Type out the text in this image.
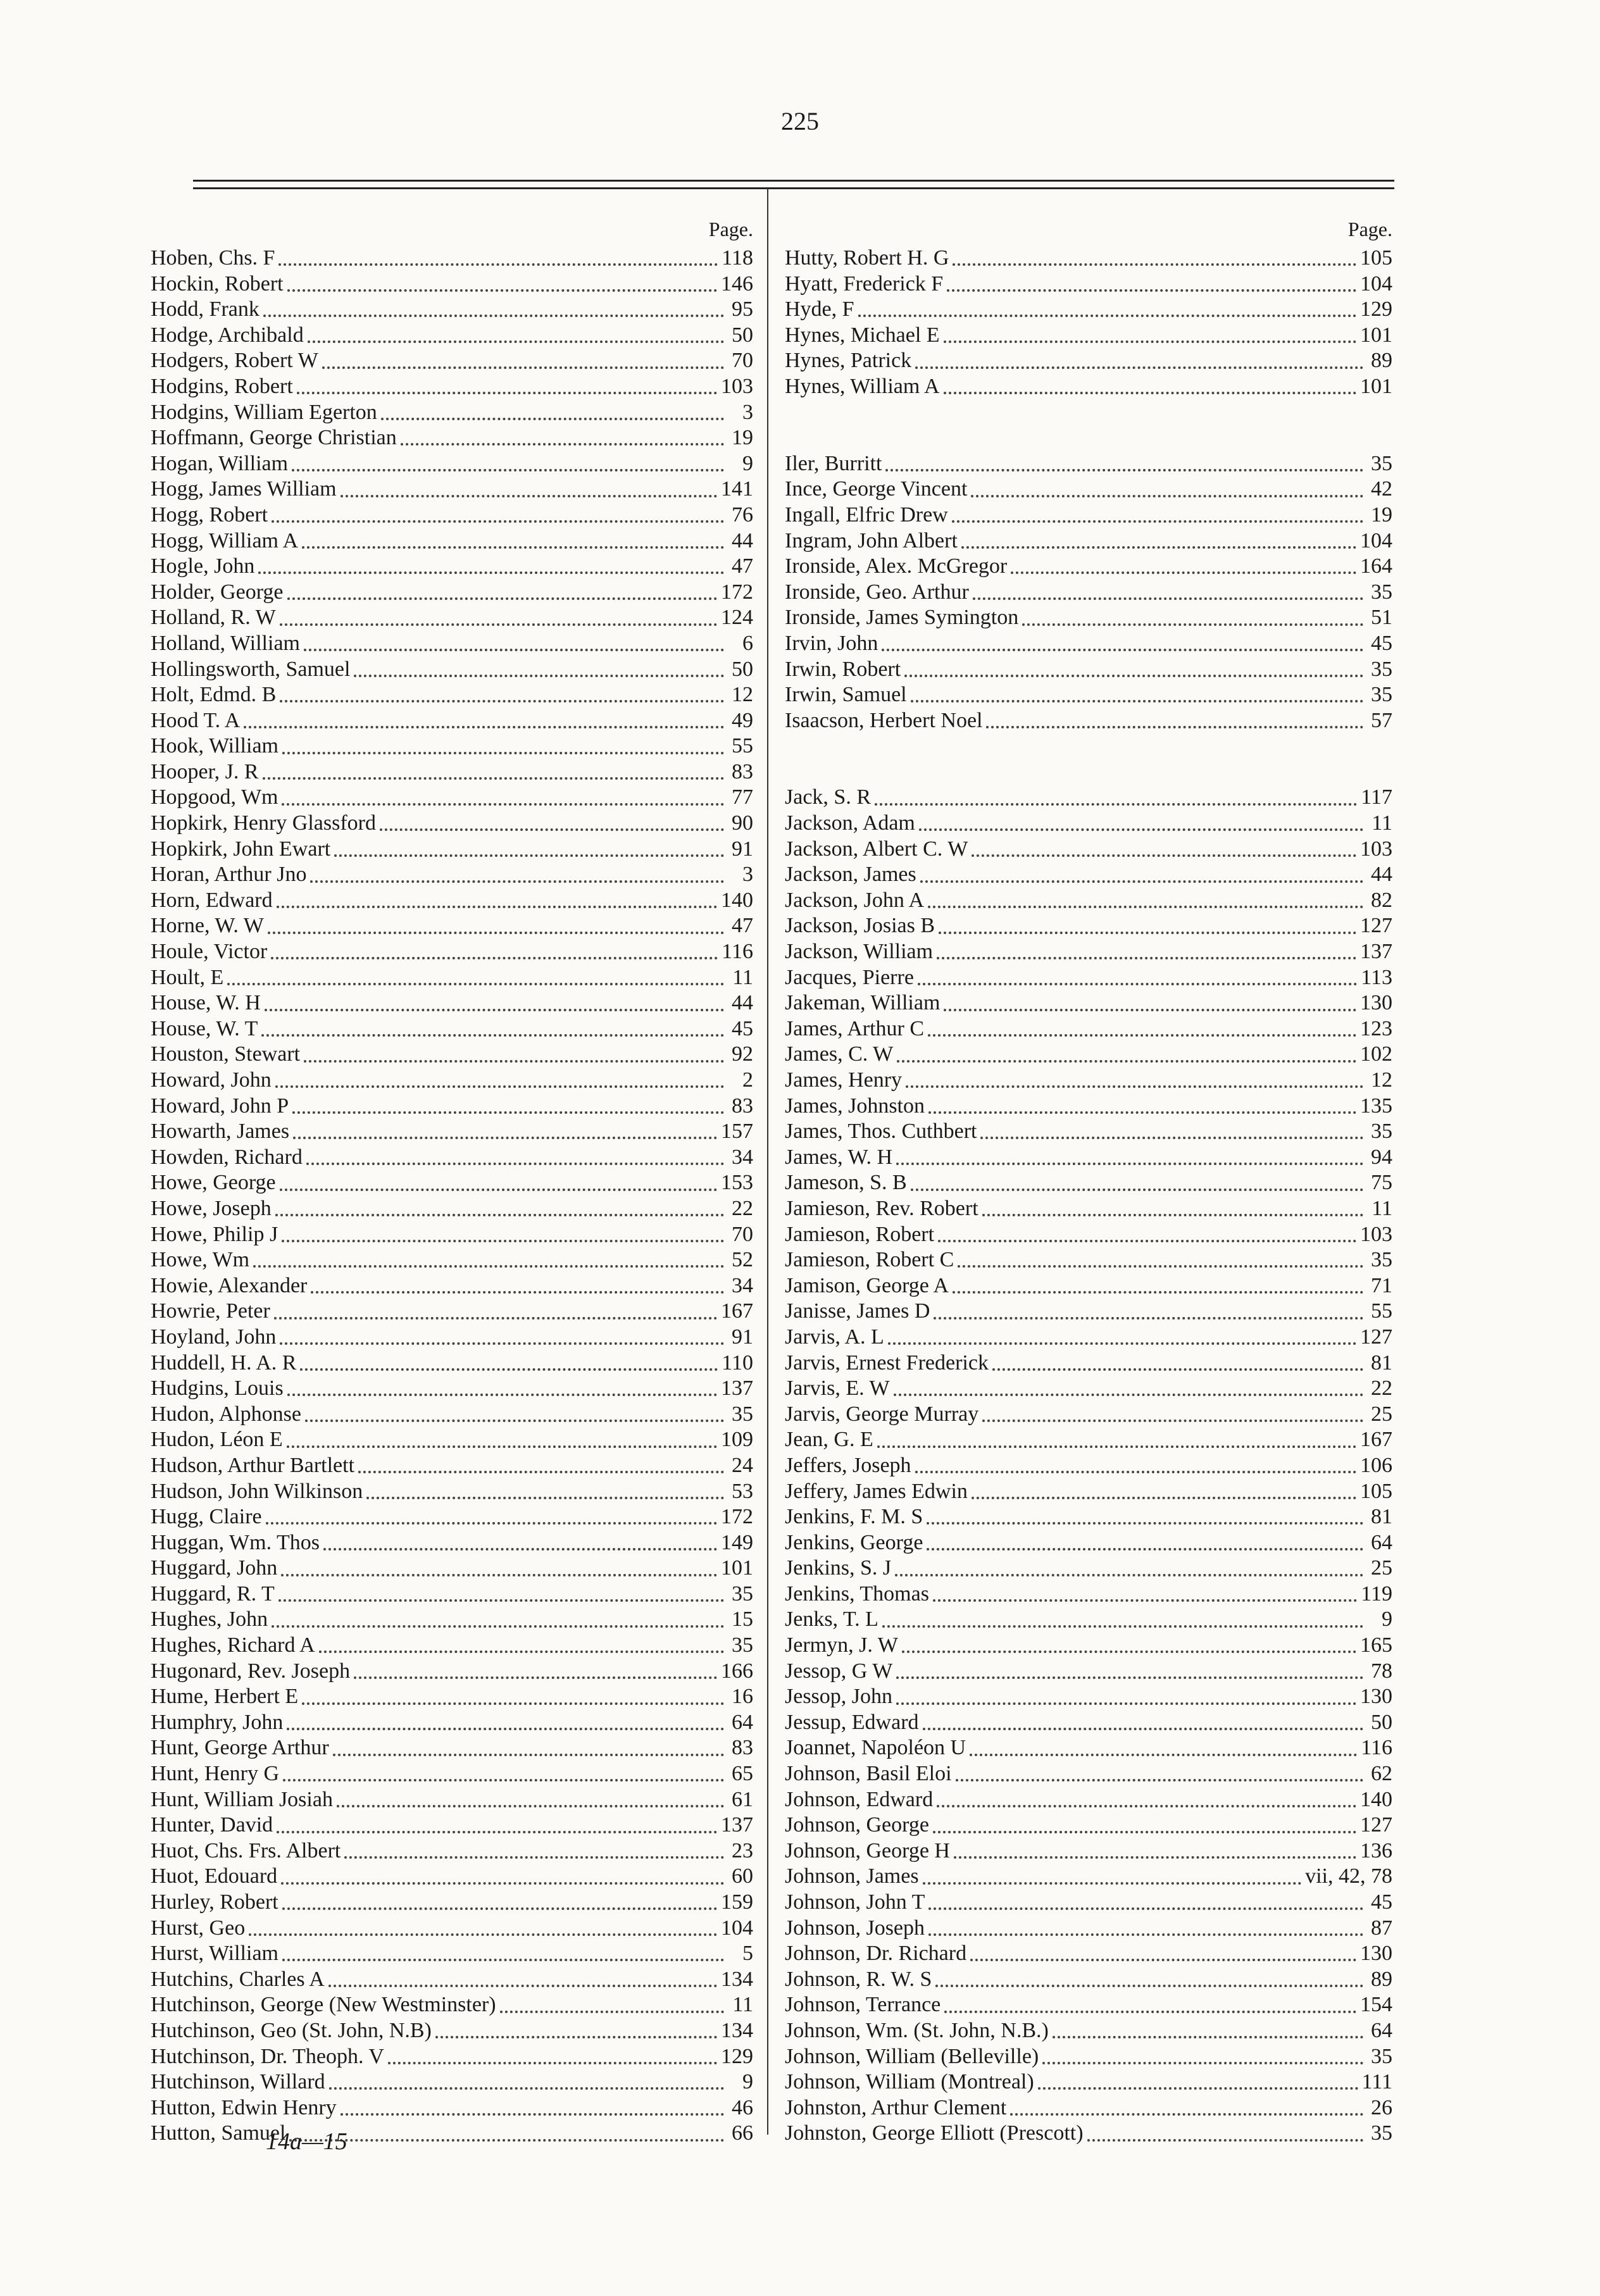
225
Page.
Hoben, Chs. F	118
Hockin, Robert	146
Hodd, Frank	95
Hodge, Archibald	50
Hodgers, Robert W	70
Hodgins, Robert	103
Hodgins, William Egerton	3
Hoffmann, George Christian	19
Hogan, William	9
Hogg, James William	141
Hogg, Robert	76
Hogg, William A	44
Hogle, John	47
Holder, George	172
Holland, R. W	124
Holland, William	6
Hollingsworth, Samuel	50
Holt, Edmd. B	12
Hood T. A	49
Hook, William	55
Hooper, J. R	83
Hopgood, Wm	77
Hopkirk, Henry Glassford	90
Hopkirk, John Ewart	91
Horan, Arthur Jno	3
Horn, Edward	140
Horne, W. W	47
Houle, Victor	116
Hoult, E	11
House, W. H	44
House, W. T	45
Houston, Stewart	92
Howard, John	2
Howard, John P	83
Howarth, James	157
Howden, Richard	34
Howe, George	153
Howe, Joseph	22
Howe, Philip J	70
Howe, Wm	52
Howie, Alexander	34
Howrie, Peter	167
Hoyland, John	91
Huddell, H. A. R	110
Hudgins, Louis	137
Hudon, Alphonse	35
Hudon, Léon E	109
Hudson, Arthur Bartlett	24
Hudson, John Wilkinson	53
Hugg, Claire	172
Huggan, Wm. Thos	149
Huggard, John	101
Huggard, R. T	35
Hughes, John	15
Hughes, Richard A	35
Hugonard, Rev. Joseph	166
Hume, Herbert E	16
Humphry, John	64
Hunt, George Arthur	83
Hunt, Henry G	65
Hunt, William Josiah	61
Hunter, David	137
Huot, Chs. Frs. Albert	23
Huot, Edouard	60
Hurley, Robert	159
Hurst, Geo	104
Hurst, William	5
Hutchins, Charles A	134
Hutchinson, George (New Westminster)	11
Hutchinson, Geo (St. John, N.B)	134
Hutchinson, Dr. Theoph. V	129
Hutchinson, Willard	9
Hutton, Edwin Henry	46
Hutton, Samuel	66
Page.
Hutty, Robert H. G	105
Hyatt, Frederick F	104
Hyde, F	129
Hynes, Michael E	101
Hynes, Patrick	89
Hynes, William A	101
Iler, Burritt	35
Ince, George Vincent	42
Ingall, Elfric Drew	19
Ingram, John Albert	104
Ironside, Alex. McGregor	164
Ironside, Geo. Arthur	35
Ironside, James Symington	51
Irvin, John	45
Irwin, Robert	35
Irwin, Samuel	35
Isaacson, Herbert Noel	57
Jack, S. R	117
Jackson, Adam	11
Jackson, Albert C. W	103
Jackson, James	44
Jackson, John A	82
Jackson, Josias B	127
Jackson, William	137
Jacques, Pierre	113
Jakeman, William	130
James, Arthur C	123
James, C. W	102
James, Henry	12
James, Johnston	135
James, Thos. Cuthbert	35
James, W. H	94
Jameson, S. B	75
Jamieson, Rev. Robert	11
Jamieson, Robert	103
Jamieson, Robert C	35
Jamison, George A	71
Janisse, James D	55
Jarvis, A. L	127
Jarvis, Ernest Frederick	81
Jarvis, E. W	22
Jarvis, George Murray	25
Jean, G. E	167
Jeffers, Joseph	106
Jeffery, James Edwin	105
Jenkins, F. M. S	81
Jenkins, George	64
Jenkins, S. J	25
Jenkins, Thomas	119
Jenks, T. L	9
Jermyn, J. W	165
Jessop, G W	78
Jessop, John	130
Jessup, Edward	50
Joannet, Napoléon U	116
Johnson, Basil Eloi	62
Johnson, Edward	140
Johnson, George	127
Johnson, George H	136
Johnson, James	vii, 42, 78
Johnson, John T	45
Johnson, Joseph	87
Johnson, Dr. Richard	130
Johnson, R. W. S	89
Johnson, Terrance	154
Johnson, Wm. (St. John, N.B.)	64
Johnson, William (Belleville)	35
Johnson, William (Montreal)	111
Johnston, Arthur Clement	26
Johnston, George Elliott (Prescott)	35
14a—15
